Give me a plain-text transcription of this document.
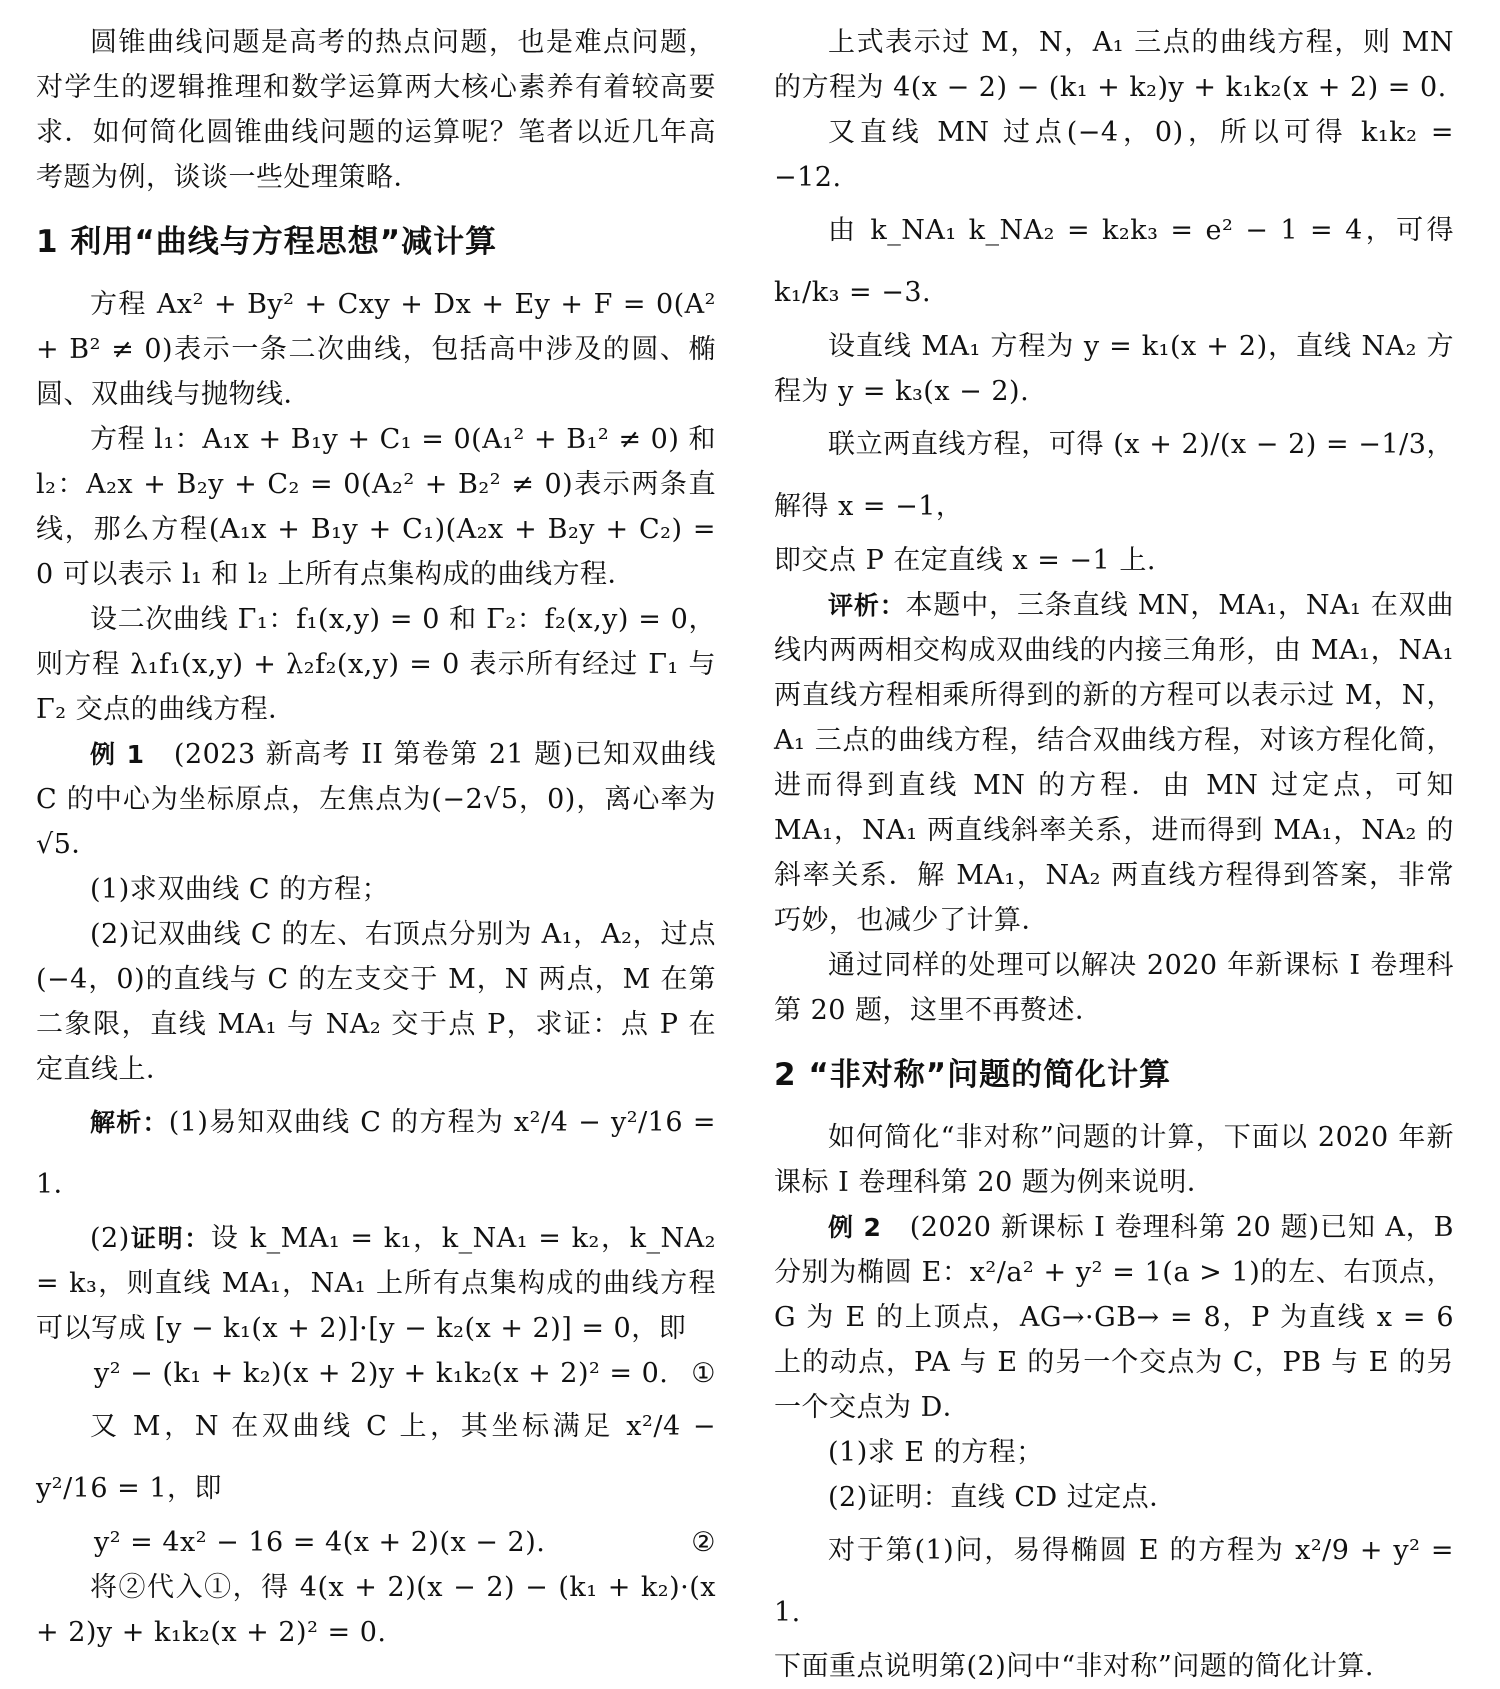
圆锥曲线问题是高考的热点问题，也是难点问题，对学生的逻辑推理和数学运算两大核心素养有着较高要求．如何简化圆锥曲线问题的运算呢？笔者以近几年高考题为例，谈谈一些处理策略．

1 利用“曲线与方程思想”减计算

方程 Ax² + By² + Cxy + Dx + Ey + F = 0(A² + B² ≠ 0)表示一条二次曲线，包括高中涉及的圆、椭圆、双曲线与抛物线．

方程 l₁：A₁x + B₁y + C₁ = 0(A₁² + B₁² ≠ 0) 和 l₂：A₂x + B₂y + C₂ = 0(A₂² + B₂² ≠ 0)表示两条直线，那么方程(A₁x + B₁y + C₁)(A₂x + B₂y + C₂) = 0 可以表示 l₁ 和 l₂ 上所有点集构成的曲线方程．

设二次曲线 Γ₁：f₁(x,y) = 0 和 Γ₂：f₂(x,y) = 0，则方程 λ₁f₁(x,y) + λ₂f₂(x,y) = 0 表示所有经过 Γ₁ 与 Γ₂ 交点的曲线方程．

例 1　(2023 新高考 II 第卷第 21 题)已知双曲线 C 的中心为坐标原点，左焦点为(−2√5，0)，离心率为√5．

(1)求双曲线 C 的方程；

(2)记双曲线 C 的左、右顶点分别为 A₁，A₂，过点(−4，0)的直线与 C 的左支交于 M，N 两点，M 在第二象限，直线 MA₁ 与 NA₂ 交于点 P，求证：点 P 在定直线上．

解析：(1)易知双曲线 C 的方程为 x²/4 − y²/16 = 1．

(2)证明：设 k_MA₁ = k₁，k_NA₁ = k₂，k_NA₂ = k₃，则直线 MA₁，NA₁ 上所有点集构成的曲线方程可以写成 [y − k₁(x + 2)]·[y − k₂(x + 2)] = 0，即

y² − (k₁ + k₂)(x + 2)y + k₁k₂(x + 2)² = 0. ①

又 M，N 在双曲线 C 上，其坐标满足 x²/4 − y²/16 = 1，即

y² = 4x² − 16 = 4(x + 2)(x − 2).	②

将②代入①，得 4(x + 2)(x − 2) − (k₁ + k₂)·(x + 2)y + k₁k₂(x + 2)² = 0.

上式表示过 M，N，A₁ 三点的曲线方程，则 MN 的方程为 4(x − 2) − (k₁ + k₂)y + k₁k₂(x + 2) = 0.

又直线 MN 过点(−4，0)，所以可得 k₁k₂ = −12.

由 k_NA₁ k_NA₂ = k₂k₃ = e² − 1 = 4，可得 k₁/k₃ = −3.

设直线 MA₁ 方程为 y = k₁(x + 2)，直线 NA₂ 方程为 y = k₃(x − 2).

联立两直线方程，可得 (x + 2)/(x − 2) = −1/3，解得 x = −1，

即交点 P 在定直线 x = −1 上.

评析：本题中，三条直线 MN，MA₁，NA₁ 在双曲线内两两相交构成双曲线的内接三角形，由 MA₁，NA₁ 两直线方程相乘所得到的新的方程可以表示过 M，N，A₁ 三点的曲线方程，结合双曲线方程，对该方程化简，进而得到直线 MN 的方程．由 MN 过定点，可知 MA₁，NA₁ 两直线斜率关系，进而得到 MA₁，NA₂ 的斜率关系．解 MA₁，NA₂ 两直线方程得到答案，非常巧妙，也减少了计算．

通过同样的处理可以解决 2020 年新课标 I 卷理科第 20 题，这里不再赘述．

2 “非对称”问题的简化计算

如何简化“非对称”问题的计算，下面以 2020 年新课标 I 卷理科第 20 题为例来说明．

例 2　(2020 新课标 I 卷理科第 20 题)已知 A，B 分别为椭圆 E：x²/a² + y² = 1(a > 1)的左、右顶点，G 为 E 的上顶点，AG→·GB→ = 8，P 为直线 x = 6 上的动点，PA 与 E 的另一个交点为 C，PB 与 E 的另一个交点为 D．

(1)求 E 的方程；

(2)证明：直线 CD 过定点．

对于第(1)问，易得椭圆 E 的方程为 x²/9 + y² = 1.

下面重点说明第(2)问中“非对称”问题的简化计算.
